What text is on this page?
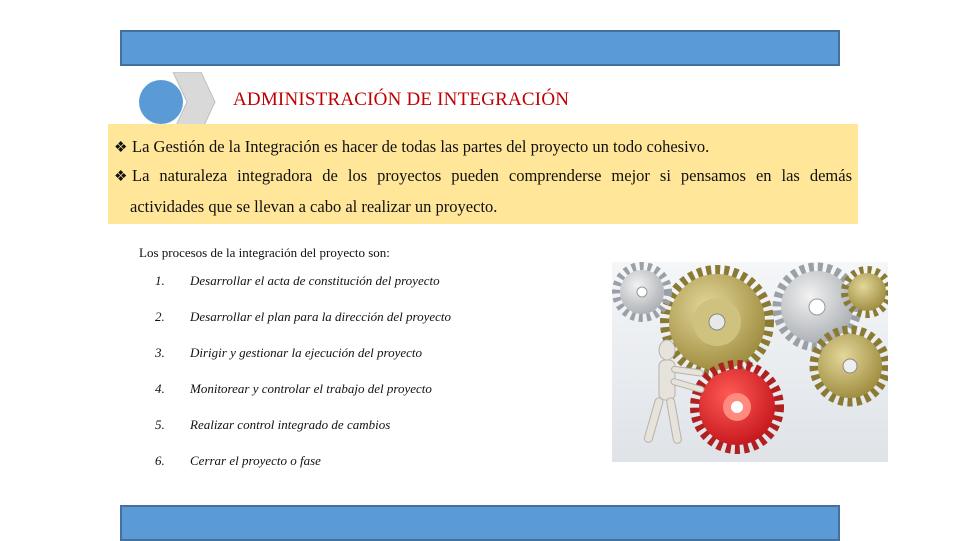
ADMINISTRACIÓN DE INTEGRACIÓN
❖ La Gestión de la Integración es hacer de todas las partes del proyecto un todo cohesivo.
❖ La naturaleza integradora de los proyectos pueden comprenderse mejor si pensamos en las demás
actividades que se llevan a cabo al realizar un proyecto.
Los procesos de la integración del proyecto son:
1. Desarrollar el acta de constitución del proyecto
2. Desarrollar el plan para la dirección del proyecto
3. Dirigir y gestionar la ejecución del proyecto
4. Monitorear y controlar el trabajo del proyecto
5. Realizar control integrado de cambios
6. Cerrar el proyecto o fase
